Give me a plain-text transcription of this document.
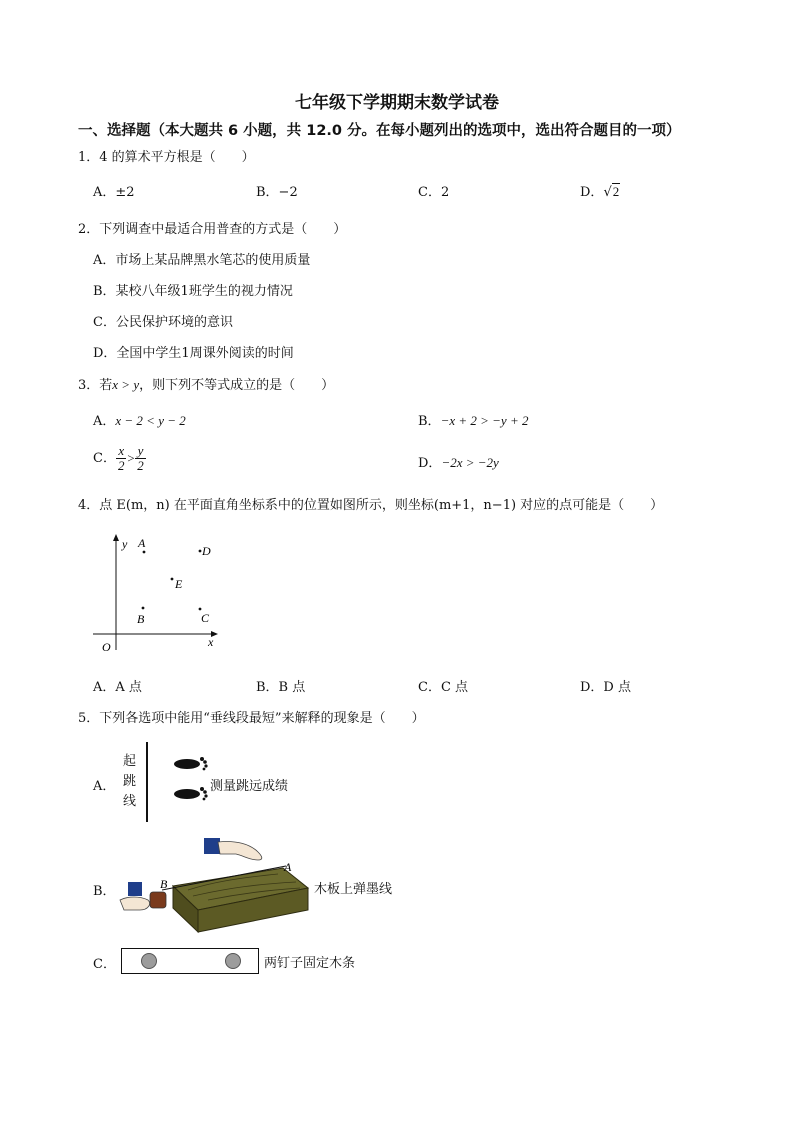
七年级下学期期末数学试卷
一、选择题（本大题共 6 小题，共 12.0 分。在每小题列出的选项中，选出符合题目的一项）
1．4 的算术平方根是（　　）
A．±2	B．−2	C．2	D．√2
2．下列调查中最适合用普查的方式是（　　）
A．市场上某品牌黑水笔芯的使用质量
B．某校八年级1班学生的视力情况
C．公民保护环境的意识
D．全国中学生1周课外阅读的时间
3．若x > y，则下列不等式成立的是（　　）
A．x − 2 < y − 2	B．−x + 2 > −y + 2
C． $\frac{x}{2} > \frac{y}{2}$	D．−2x > −2y
4．点 E(m，n) 在平面直角坐标系中的位置如图所示，则坐标(m+1，n−1) 对应的点可能是（　　）
y
x
O
A
D
E
B	C
A．A 点	B．B 点	C．C 点	D．D 点
5．下列各选项中能用“垂线段最短”来解释的现象是（　　）
A．
起
跳
线
测量跳远成绩
B．
A
B	木板上弹墨线
C．	两钉子固定木条
